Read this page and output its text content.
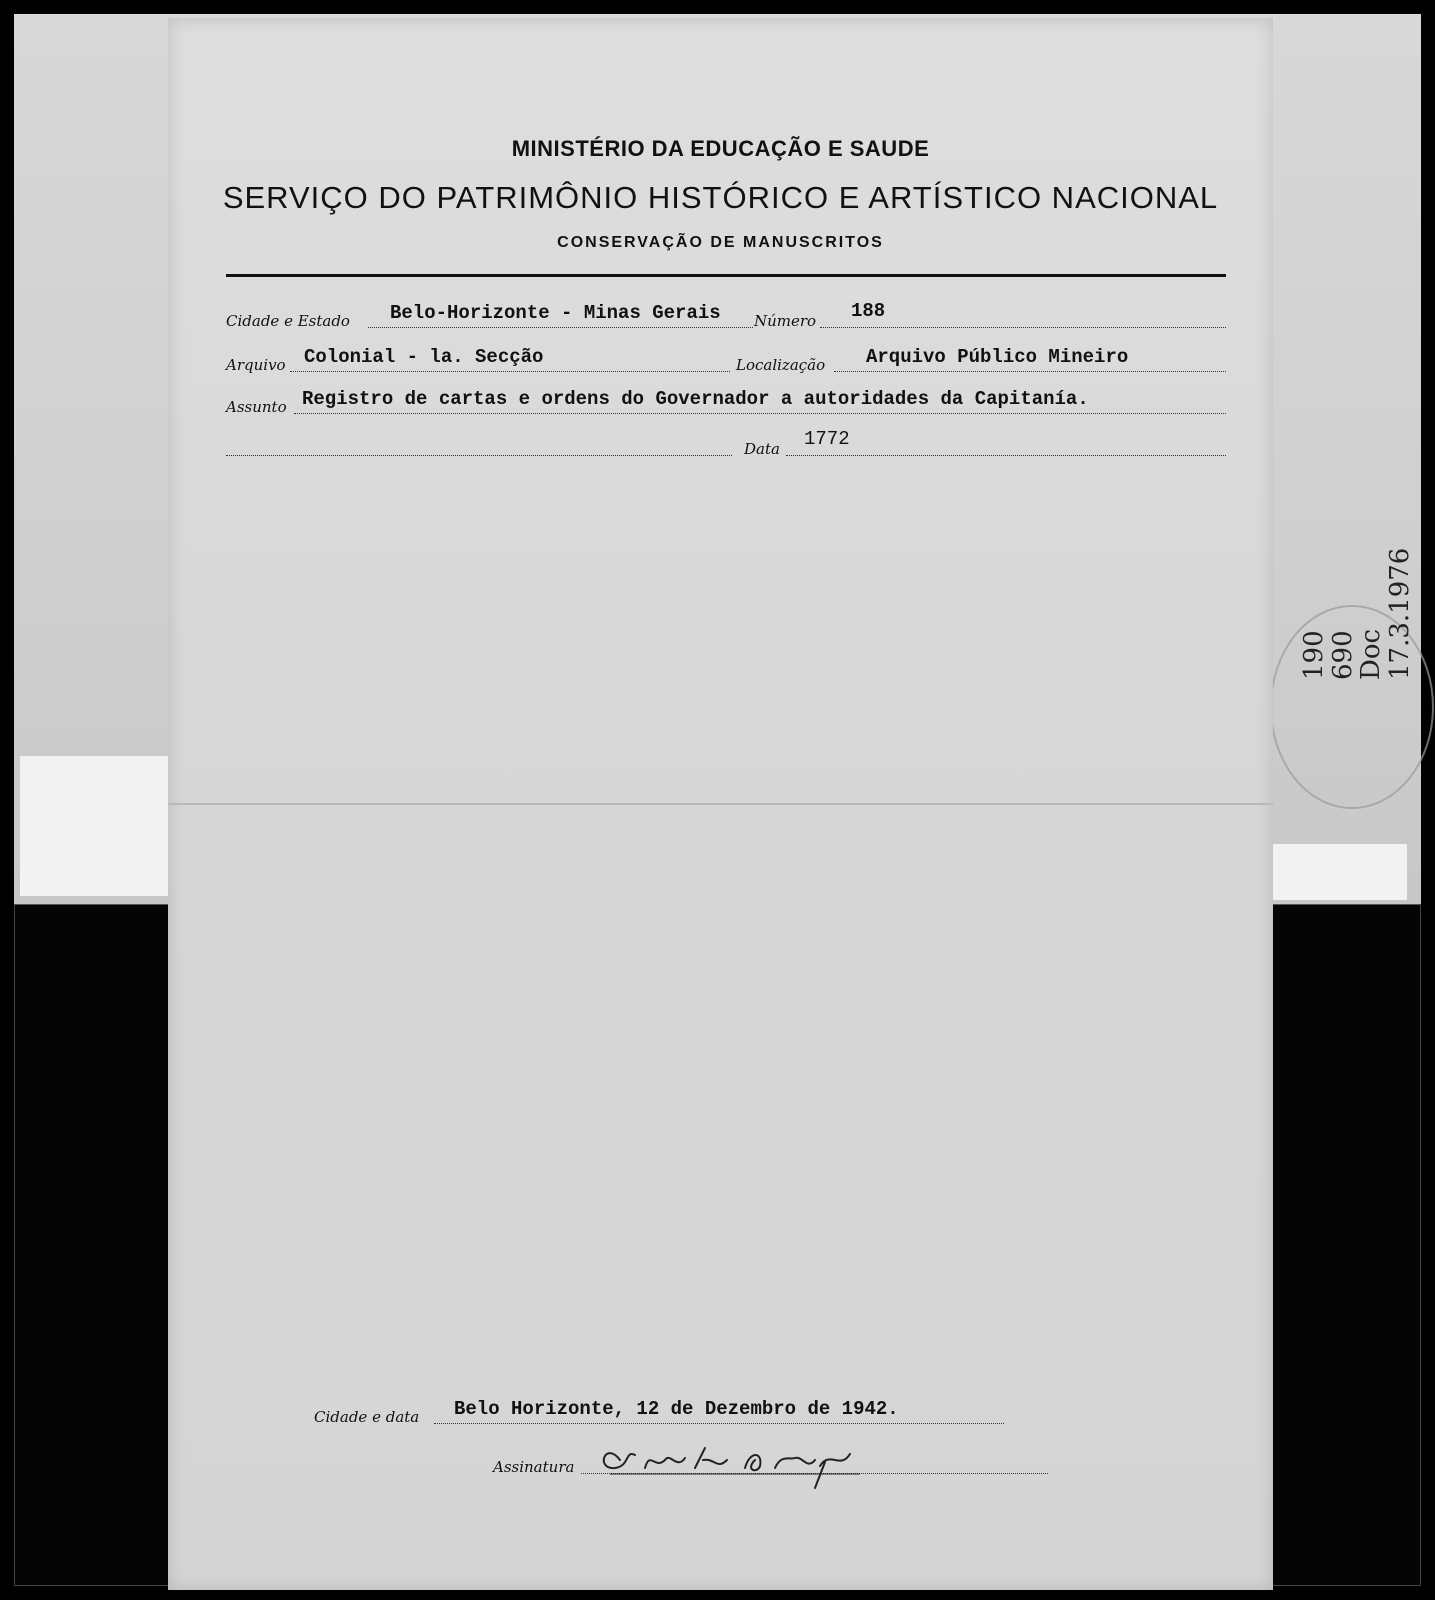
190
690
Doc
17.3.1976
MINISTÉRIO DA EDUCAÇÃO E SAUDE
SERVIÇO DO PATRIMÔNIO HISTÓRICO E ARTÍSTICO NACIONAL
CONSERVAÇÃO DE MANUSCRITOS
Cidade e Estado Belo-Horizonte - Minas Gerais Número 188
Arquivo Colonial - la. Secção	Localização Arquivo Público Mineiro
Assunto Registro de cartas e ordens do Governador a autoridades da Capitanía.
Data 1772
Cidade e data Belo Horizonte, 12 de Dezembro de 1942.
Assinatura
